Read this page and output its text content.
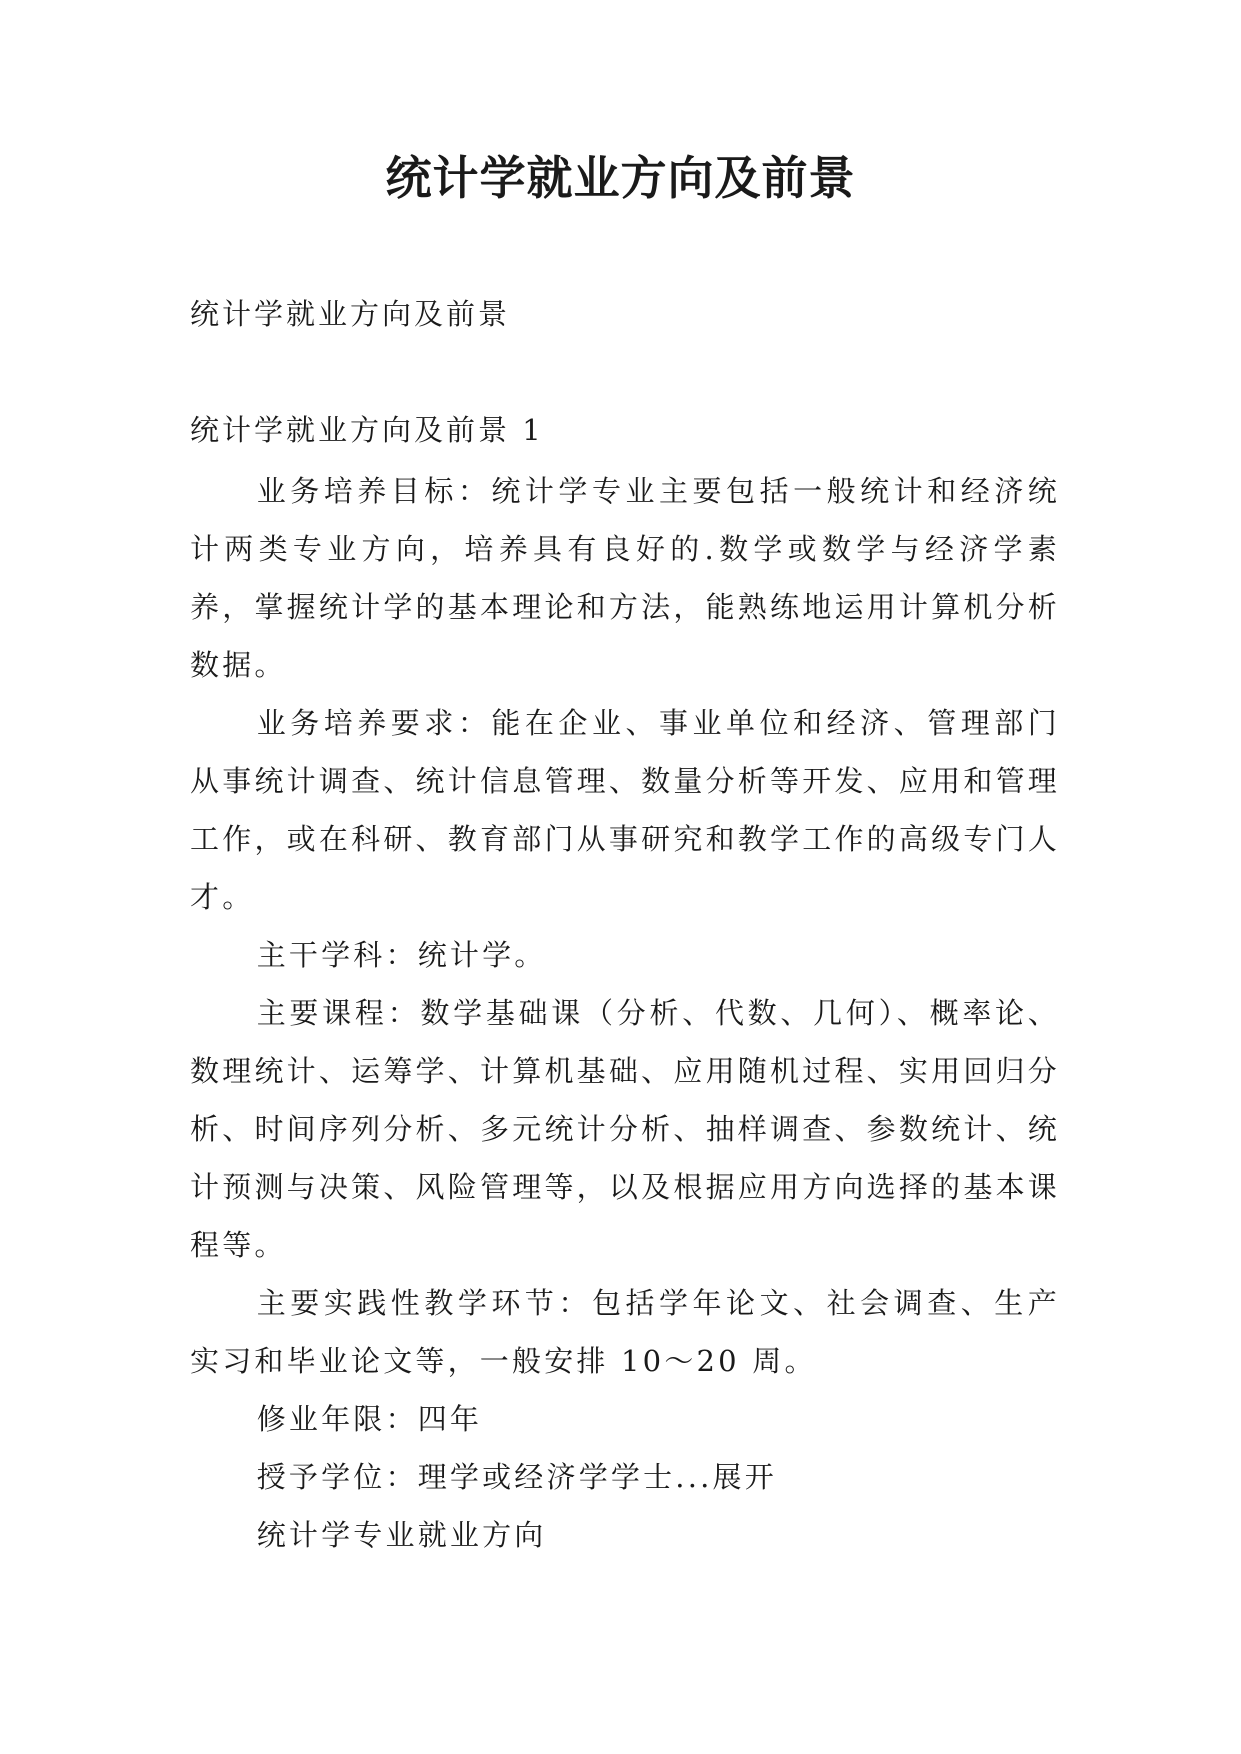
统计学就业方向及前景

统计学就业方向及前景

统计学就业方向及前景 1

业务培养目标：统计学专业主要包括一般统计和经济统计两类专业方向，培养具有良好的.数学或数学与经济学素养，掌握统计学的基本理论和方法，能熟练地运用计算机分析数据。

业务培养要求：能在企业、事业单位和经济、管理部门从事统计调查、统计信息管理、数量分析等开发、应用和管理工作，或在科研、教育部门从事研究和教学工作的高级专门人才。

主干学科：统计学。

主要课程：数学基础课（分析、代数、几何）、概率论、数理统计、运筹学、计算机基础、应用随机过程、实用回归分析、时间序列分析、多元统计分析、抽样调查、参数统计、统计预测与决策、风险管理等，以及根据应用方向选择的基本课程等。

主要实践性教学环节：包括学年论文、社会调查、生产实习和毕业论文等，一般安排 10～20 周。

修业年限：四年

授予学位：理学或经济学学士...展开

统计学专业就业方向
